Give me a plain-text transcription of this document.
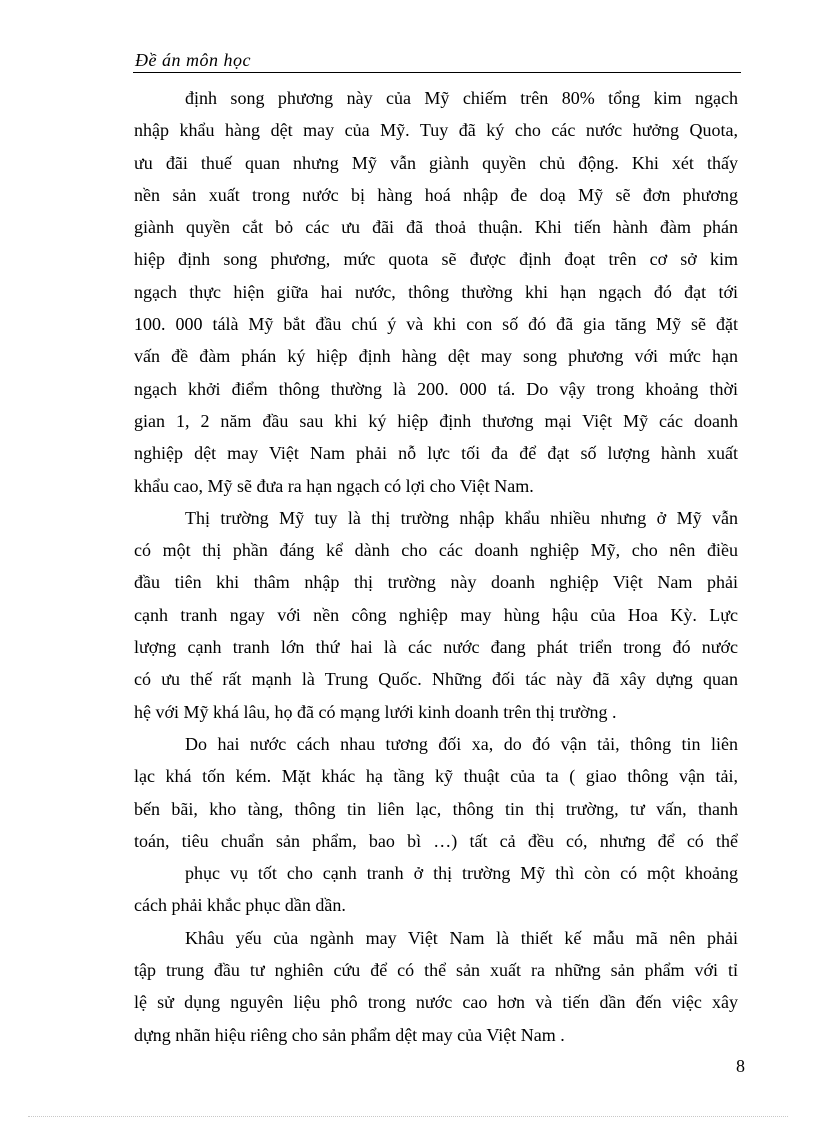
Đề án môn học
định song phương này của Mỹ chiếm trên 80% tổng kim ngạch
nhập khẩu hàng dệt may của Mỹ. Tuy đã ký cho các nước hưởng Quota,
ưu đãi thuế quan nhưng Mỹ vẫn giành quyền chủ động. Khi xét thấy
nền sản xuất trong nước bị hàng hoá nhập đe doạ Mỹ sẽ đơn phương
giành quyền cắt bỏ các ưu đãi đã thoả thuận. Khi tiến hành đàm phán
hiệp định song phương, mức quota sẽ được định đoạt trên cơ sở kim
ngạch thực hiện giữa hai nước, thông thường khi hạn ngạch đó đạt tới
100. 000 tálà Mỹ bắt đầu chú ý và khi con số đó đã gia tăng Mỹ sẽ đặt
vấn đề đàm phán ký hiệp định hàng dệt may song phương với mức hạn
ngạch khởi điểm thông thường là 200. 000 tá. Do vậy trong khoảng thời
gian 1, 2 năm đầu sau khi ký hiệp định thương mại Việt Mỹ các doanh
nghiệp dệt may Việt Nam phải nỗ lực tối đa để đạt số lượng hành xuất
khẩu cao, Mỹ sẽ đưa ra hạn ngạch có lợi cho Việt Nam.
Thị trường Mỹ tuy là thị trường nhập khẩu nhiều nhưng ở Mỹ vẫn
có một thị phần đáng kể dành cho các doanh nghiệp Mỹ, cho nên điều
đầu tiên khi thâm nhập thị trường này doanh nghiệp Việt Nam phải
cạnh tranh ngay với nền công nghiệp may hùng hậu của Hoa Kỳ. Lực
lượng cạnh tranh lớn thứ hai là các nước đang phát triển trong đó nước
có ưu thế rất mạnh là Trung Quốc. Những đối tác này đã xây dựng quan
hệ với Mỹ khá lâu, họ đã có mạng lưới kinh doanh trên thị trường .
Do hai nước cách nhau tương đối xa, do đó vận tải, thông tin liên
lạc khá tốn kém. Mặt khác hạ tầng kỹ thuật của ta ( giao thông vận tải,
bến bãi, kho tàng, thông tin liên lạc, thông tin thị trường, tư vấn, thanh
toán, tiêu chuẩn sản phẩm, bao bì …) tất cả đều có, nhưng để có thể
phục vụ tốt cho cạnh tranh ở thị trường Mỹ thì còn có một khoảng
cách phải khắc phục dần dần.
Khâu yếu của ngành may Việt Nam là thiết kế mẫu mã nên phải
tập trung đầu tư nghiên cứu để có thể sản xuất ra những sản phẩm với tỉ
lệ sử dụng nguyên liệu phô trong nước cao hơn và tiến dần đến việc xây
dựng nhãn hiệu riêng cho sản phẩm dệt may của Việt Nam .
8
